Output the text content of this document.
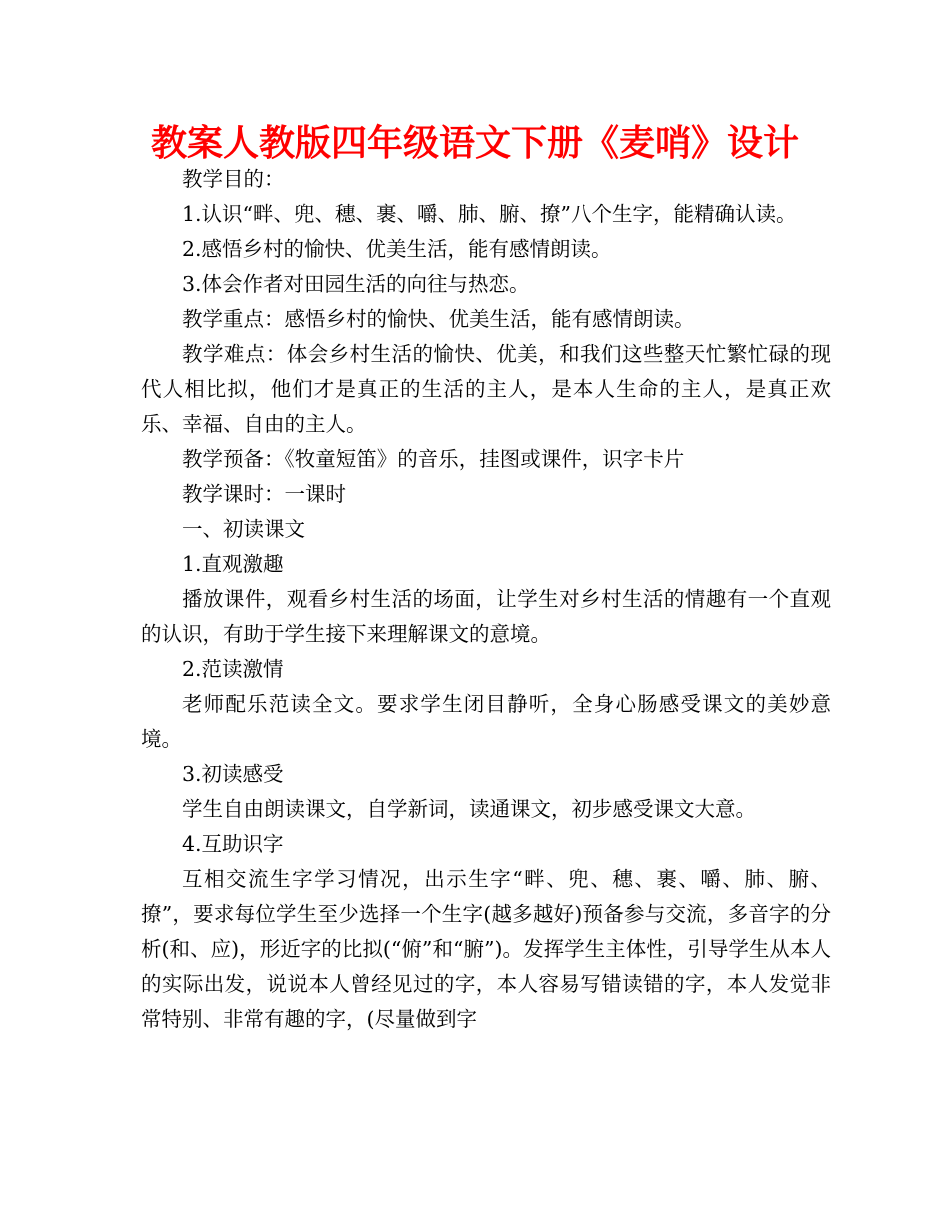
教案人教版四年级语文下册《麦哨》设计

教学目的：

1.认识“畔、兜、穗、裹、嚼、肺、腑、撩”八个生字，能精确认读。

2.感悟乡村的愉快、优美生活，能有感情朗读。

3.体会作者对田园生活的向往与热恋。

教学重点：感悟乡村的愉快、优美生活，能有感情朗读。

教学难点：体会乡村生活的愉快、优美，和我们这些整天忙繁忙碌的现代人相比拟，他们才是真正的生活的主人，是本人生命的主人，是真正欢乐、幸福、自由的主人。

教学预备：《牧童短笛》的音乐，挂图或课件，识字卡片

教学课时：一课时

一、初读课文

1.直观激趣

播放课件，观看乡村生活的场面，让学生对乡村生活的情趣有一个直观的认识，有助于学生接下来理解课文的意境。

2.范读激情

老师配乐范读全文。要求学生闭目静听，全身心肠感受课文的美妙意境。

3.初读感受

学生自由朗读课文，自学新词，读通课文，初步感受课文大意。

4.互助识字

互相交流生字学习情况，出示生字“畔、兜、穗、裹、嚼、肺、腑、撩”，要求每位学生至少选择一个生字(越多越好)预备参与交流，多音字的分析(和、应)，形近字的比拟(“俯”和“腑”)。发挥学生主体性，引导学生从本人的实际出发，说说本人曾经见过的字，本人容易写错读错的字，本人发觉非常特别、非常有趣的字，(尽量做到字
